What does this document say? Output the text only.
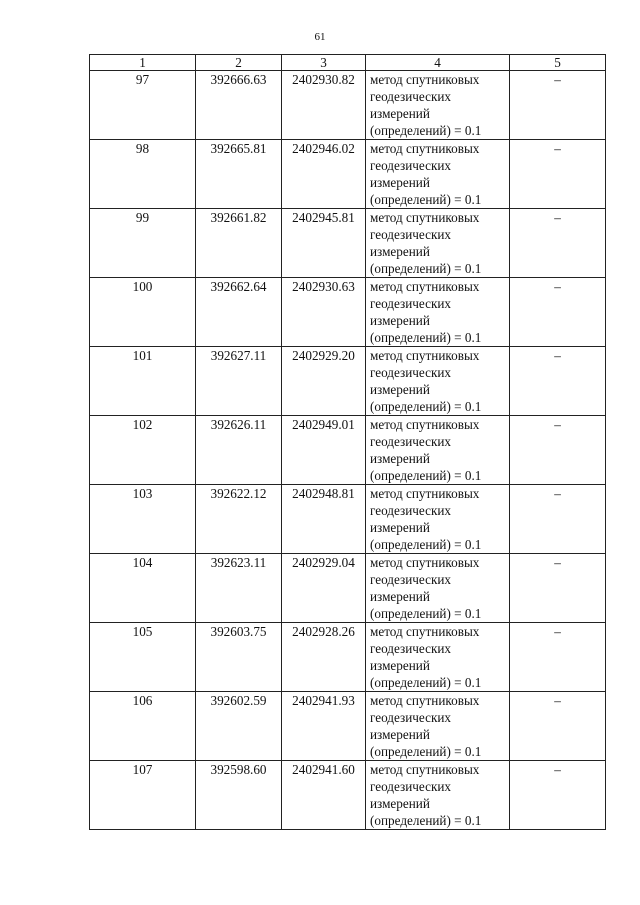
61
1	2	3	4	5
97	392666.63	2402930.82	метод спутниковых геодезических измерений (определений) = 0.1	–
98	392665.81	2402946.02	метод спутниковых геодезических измерений (определений) = 0.1	–
99	392661.82	2402945.81	метод спутниковых геодезических измерений (определений) = 0.1	–
100	392662.64	2402930.63	метод спутниковых геодезических измерений (определений) = 0.1	–
101	392627.11	2402929.20	метод спутниковых геодезических измерений (определений) = 0.1	–
102	392626.11	2402949.01	метод спутниковых геодезических измерений (определений) = 0.1	–
103	392622.12	2402948.81	метод спутниковых геодезических измерений (определений) = 0.1	–
104	392623.11	2402929.04	метод спутниковых геодезических измерений (определений) = 0.1	–
105	392603.75	2402928.26	метод спутниковых геодезических измерений (определений) = 0.1	–
106	392602.59	2402941.93	метод спутниковых геодезических измерений (определений) = 0.1	–
107	392598.60	2402941.60	метод спутниковых геодезических измерений (определений) = 0.1	–
